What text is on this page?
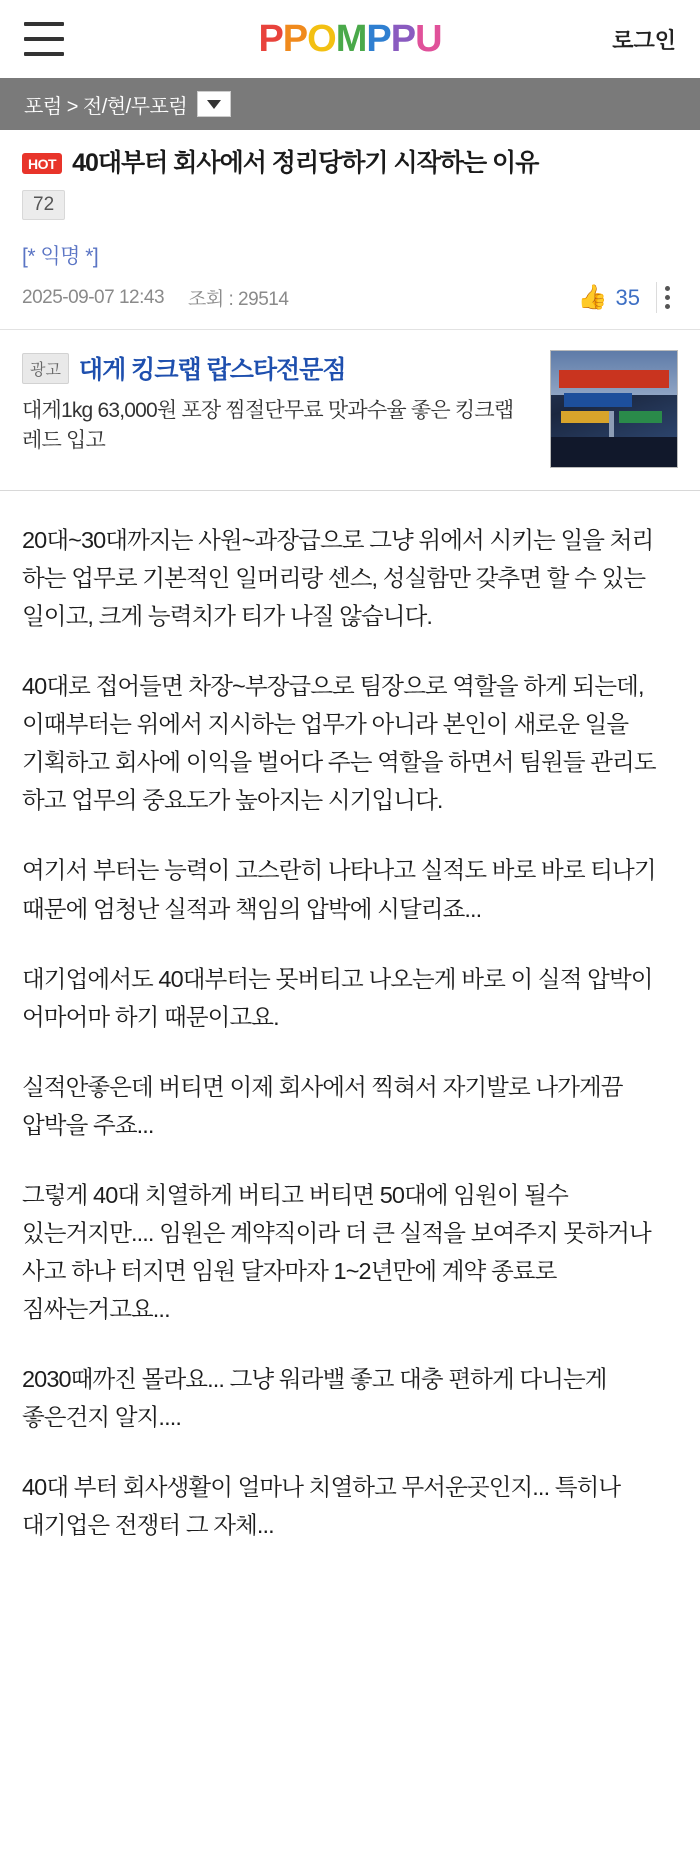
PPOMPPU	로그인
포럼 > 전/현/무포럼
HOT 40대부터 회사에서 정리당하기 시작하는 이유
72
[* 익명 *]
2025-09-07 12:43 조회 : 29514	👍 35
광고 대게 킹크랩 랍스타전문점
대게1kg 63,000원 포장 찜절단무료 맛과수율 좋은 킹크랩 레드 입고

20대~30대까지는 사원~과장급으로 그냥 위에서 시키는 일을 처리 하는 업무로 기본적인 일머리랑 센스, 성실함만 갖추면 할 수 있는 일이고, 크게 능력치가 티가 나질 않습니다.

40대로 접어들면 차장~부장급으로 팀장으로 역할을 하게 되는데, 이때부터는 위에서 지시하는 업무가 아니라 본인이 새로운 일을 기획하고 회사에 이익을 벌어다 주는 역할을 하면서 팀원들 관리도 하고 업무의 중요도가 높아지는 시기입니다.

여기서 부터는 능력이 고스란히 나타나고 실적도 바로 바로 티나기 때문에 엄청난 실적과 책임의 압박에 시달리죠...

대기업에서도 40대부터는 못버티고 나오는게 바로 이 실적 압박이 어마어마 하기 때문이고요.

실적안좋은데 버티면 이제 회사에서 찍혀서 자기발로 나가게끔 압박을 주죠...

그렇게 40대 치열하게 버티고 버티면 50대에 임원이 될수 있는거지만.... 임원은 계약직이라 더 큰 실적을 보여주지 못하거나 사고 하나 터지면 임원 달자마자 1~2년만에 계약 종료로 짐싸는거고요...

2030때까진 몰라요... 그냥 워라밸 좋고 대충 편하게 다니는게 좋은건지 알지....

40대 부터 회사생활이 얼마나 치열하고 무서운곳인지... 특히나 대기업은 전쟁터 그 자체...
